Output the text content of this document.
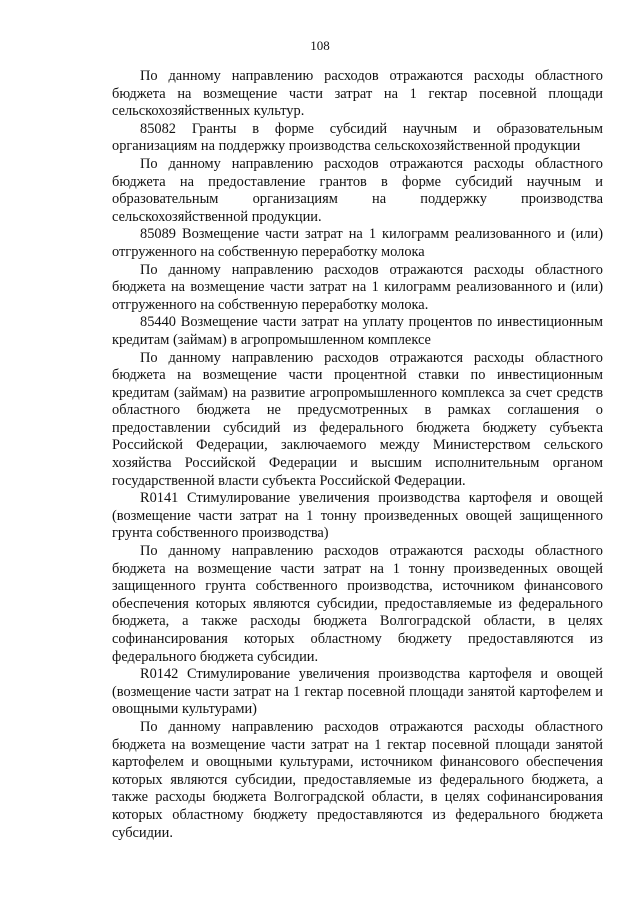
108

По данному направлению расходов отражаются расходы областного бюджета на возмещение части затрат на 1 гектар посевной площади сельскохозяйственных культур.

85082 Гранты в форме субсидий научным и образовательным организациям на поддержку производства сельскохозяйственной продукции

По данному направлению расходов отражаются расходы областного бюджета на предоставление грантов в форме субсидий научным и образовательным организациям на поддержку производства сельскохозяйственной продукции.

85089 Возмещение части затрат на 1 килограмм реализованного и (или) отгруженного на собственную переработку молока

По данному направлению расходов отражаются расходы областного бюджета на возмещение части затрат на 1 килограмм реализованного и (или) отгруженного на собственную переработку молока.

85440 Возмещение части затрат на уплату процентов по инвестиционным кредитам (займам) в агропромышленном комплексе

По данному направлению расходов отражаются расходы областного бюджета на возмещение части процентной ставки по инвестиционным кредитам (займам) на развитие агропромышленного комплекса за счет средств областного бюджета не предусмотренных в рамках соглашения о предоставлении субсидий из федерального бюджета бюджету субъекта Российской Федерации, заключаемого между Министерством сельского хозяйства Российской Федерации и высшим исполнительным органом государственной власти субъекта Российской Федерации.

R0141 Стимулирование увеличения производства картофеля и овощей (возмещение части затрат на 1 тонну произведенных овощей защищенного грунта собственного производства)

По данному направлению расходов отражаются расходы областного бюджета на возмещение части затрат на 1 тонну произведенных овощей защищенного грунта собственного производства, источником финансового обеспечения которых являются субсидии, предоставляемые из федерального бюджета, а также расходы бюджета Волгоградской области, в целях софинансирования которых областному бюджету предоставляются из федерального бюджета субсидии.

R0142 Стимулирование увеличения производства картофеля и овощей (возмещение части затрат на 1 гектар посевной площади занятой картофелем и овощными культурами)

По данному направлению расходов отражаются расходы областного бюджета на возмещение части затрат на 1 гектар посевной площади занятой картофелем и овощными культурами, источником финансового обеспечения которых являются субсидии, предоставляемые из федерального бюджета, а также расходы бюджета Волгоградской области, в целях софинансирования которых областному бюджету предоставляются из федерального бюджета субсидии.
